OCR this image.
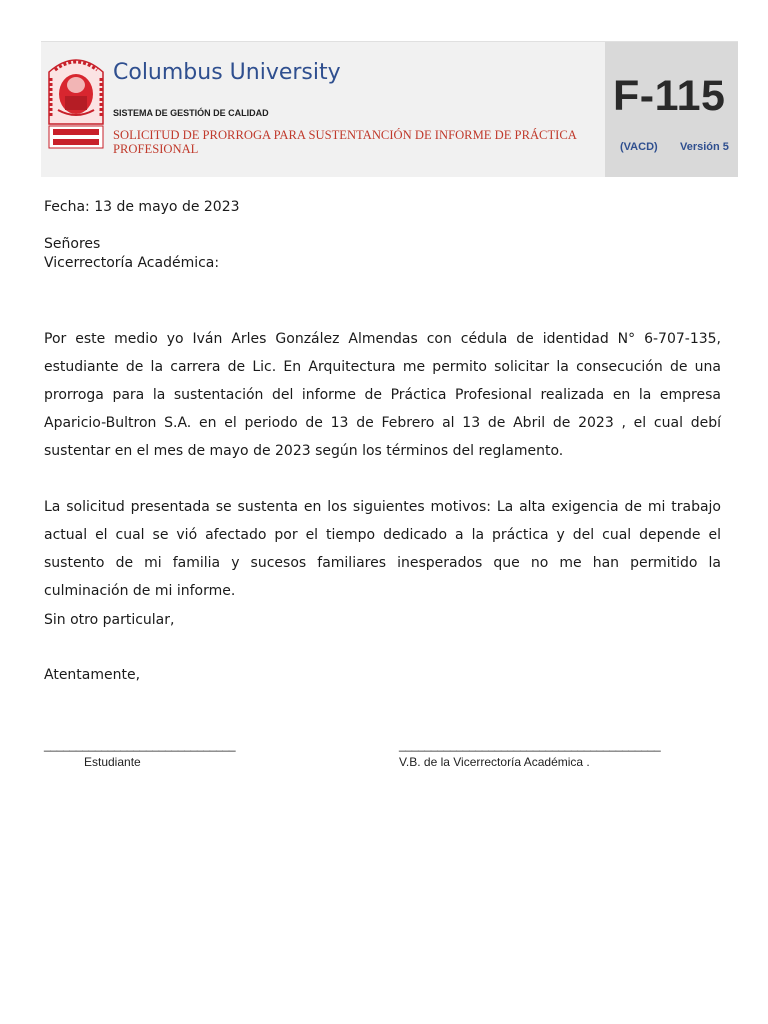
Columbus University
SISTEMA DE GESTIÓN DE CALIDAD
SOLICITUD DE PRORROGA PARA SUSTENTANCIÓN DE INFORME DE PRÁCTICA PROFESIONAL
F-115
(VACD) Versión 5
Fecha: 13 de mayo de 2023
Señores
Vicerrectoría Académica:

Por este medio yo Iván Arles González Almendas con cédula de identidad N° 6-707-135, estudiante de la carrera de Lic. En Arquitectura me permito solicitar la consecución de una prorroga para la sustentación del informe de Práctica Profesional realizada en la empresa Aparicio-Bultron S.A. en el periodo de 13 de Febrero al 13 de Abril de 2023 , el cual debí sustentar en el mes de mayo de 2023 según los términos del reglamento.

La solicitud presentada se sustenta en los siguientes motivos: La alta exigencia de mi trabajo actual el cual se vió afectado por el tiempo dedicado a la práctica y del cual depende el sustento de mi familia y sucesos familiares inesperados que no me han permitido la culminación de mi informe.

Sin otro particular,
Atentamente,
______________________________
Estudiante
_________________________________________
V.B. de la Vicerrectoría Académica .
